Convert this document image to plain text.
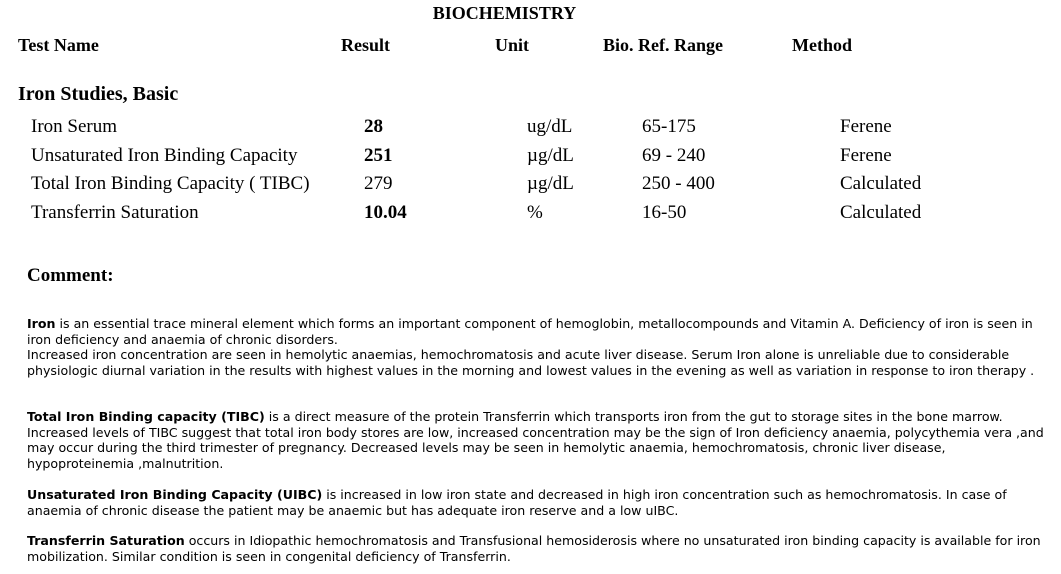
BIOCHEMISTRY
Test Name	Result	Unit	Bio. Ref. Range	Method
Iron Studies, Basic
Iron Serum	28	ug/dL	65-175	Ferene
Unsaturated Iron Binding Capacity	251	µg/dL	69 - 240	Ferene
Total Iron Binding Capacity ( TIBC)	279	µg/dL	250 - 400	Calculated
Transferrin Saturation	10.04	%	16-50	Calculated
Comment:

Iron is an essential trace mineral element which forms an important component of hemoglobin, metallocompounds and Vitamin A. Deficiency of iron is seen in iron deficiency and anaemia of chronic disorders.
Increased iron concentration are seen in hemolytic anaemias, hemochromatosis and acute liver disease. Serum Iron alone is unreliable due to considerable physiologic diurnal variation in the results with highest values in the morning and lowest values in the evening as well as variation in response to iron therapy .

Total Iron Binding capacity (TIBC) is a direct measure of the protein Transferrin which transports iron from the gut to storage sites in the bone marrow. Increased levels of TIBC suggest that total iron body stores are low, increased concentration may be the sign of Iron deficiency anaemia, polycythemia vera ,and may occur during the third trimester of pregnancy. Decreased levels may be seen in hemolytic anaemia, hemochromatosis, chronic liver disease, hypoproteinemia ,malnutrition.

Unsaturated Iron Binding Capacity (UIBC) is increased in low iron state and decreased in high iron concentration such as hemochromatosis. In case of anaemia of chronic disease the patient may be anaemic but has adequate iron reserve and a low uIBC.

Transferrin Saturation occurs in Idiopathic hemochromatosis and Transfusional hemosiderosis where no unsaturated iron binding capacity is available for iron mobilization. Similar condition is seen in congenital deficiency of Transferrin.
